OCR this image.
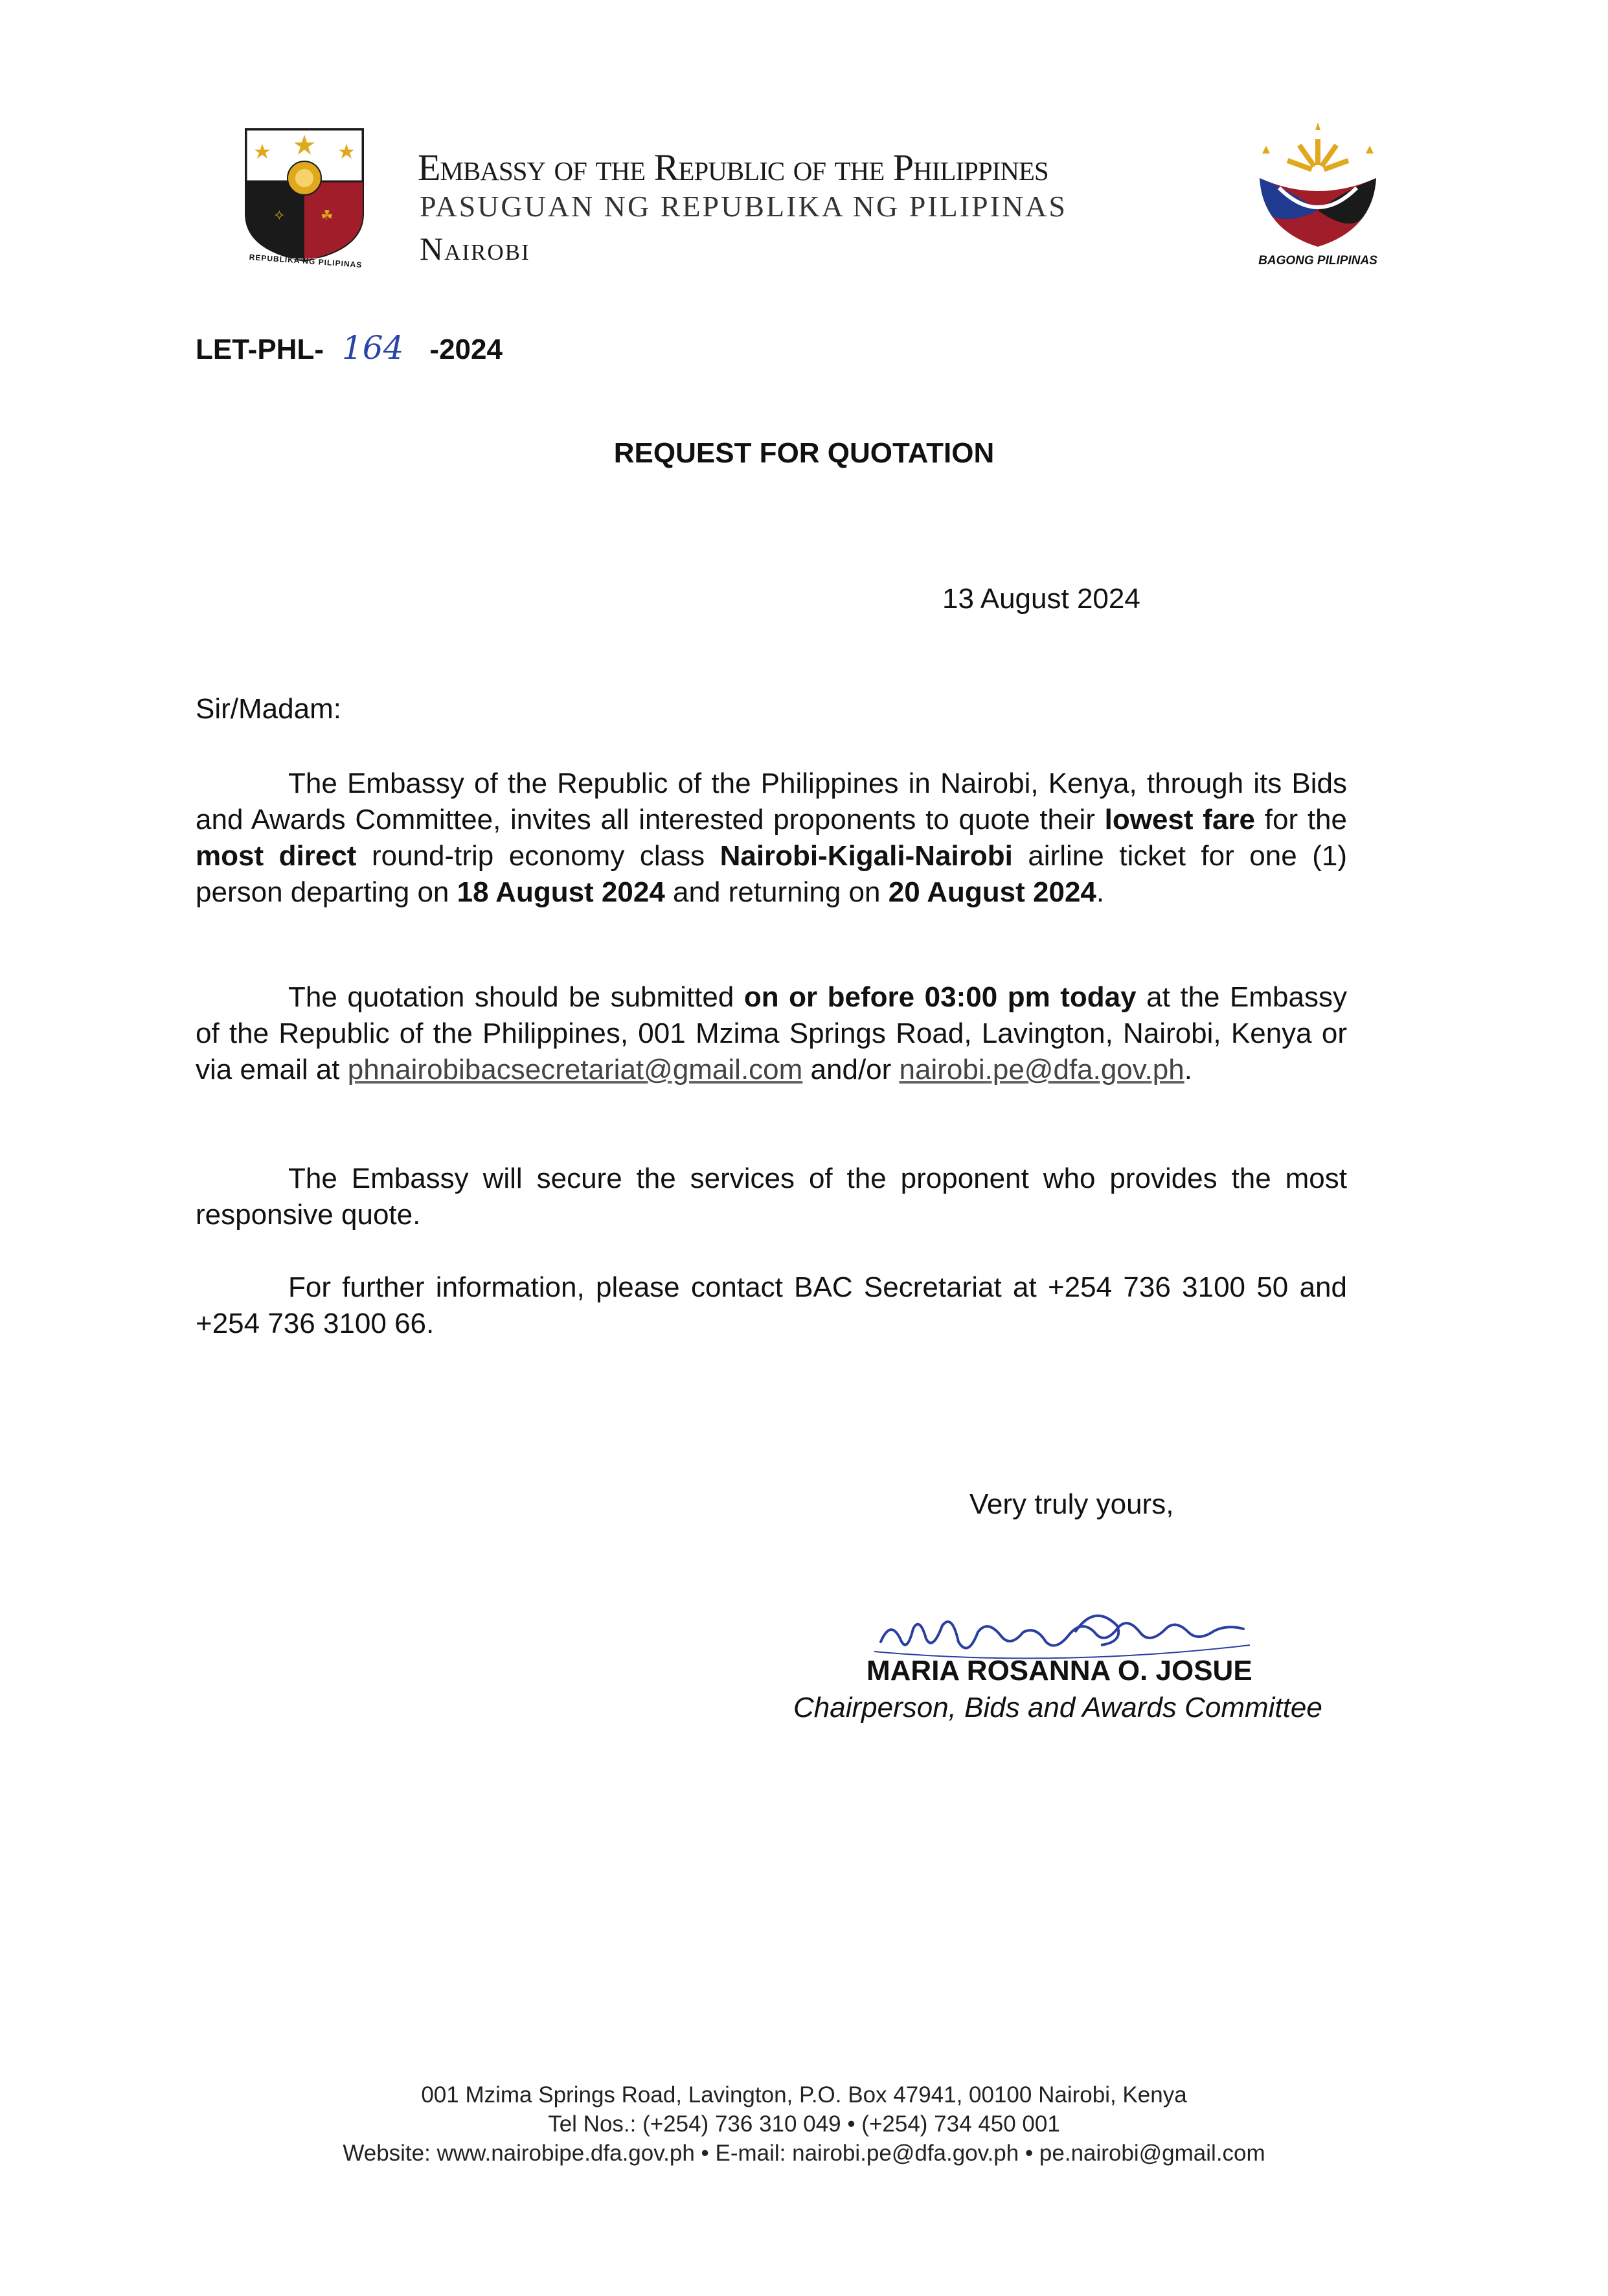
✧ ☘
REPUBLIKA NG PILIPINAS
Embassy of the Republic of the Philippines
PASUGUAN NG REPUBLIKA NG PILIPINAS
Nairobi	BAGONG PILIPINAS
LET-PHL- 164 -2024
REQUEST FOR QUOTATION
13 August 2024
Sir/Madam:

The Embassy of the Republic of the Philippines in Nairobi, Kenya, through its Bids and Awards Committee, invites all interested proponents to quote their lowest fare for the most direct round-trip economy class Nairobi-Kigali-Nairobi airline ticket for one (1) person departing on 18 August 2024 and returning on 20 August 2024.

The quotation should be submitted on or before 03:00 pm today at the Embassy of the Republic of the Philippines, 001 Mzima Springs Road, Lavington, Nairobi, Kenya or via email at phnairobibacsecretariat@gmail.com and/or nairobi.pe@dfa.gov.ph.

The Embassy will secure the services of the proponent who provides the most responsive quote.

For further information, please contact BAC Secretariat at +254 736 3100 50 and +254 736 3100 66.

Very truly yours,
MARIA ROSANNA O. JOSUE
Chairperson, Bids and Awards Committee
001 Mzima Springs Road, Lavington, P.O. Box 47941, 00100 Nairobi, Kenya
Tel Nos.: (+254) 736 310 049 • (+254) 734 450 001
Website: www.nairobipe.dfa.gov.ph • E-mail: nairobi.pe@dfa.gov.ph • pe.nairobi@gmail.com
